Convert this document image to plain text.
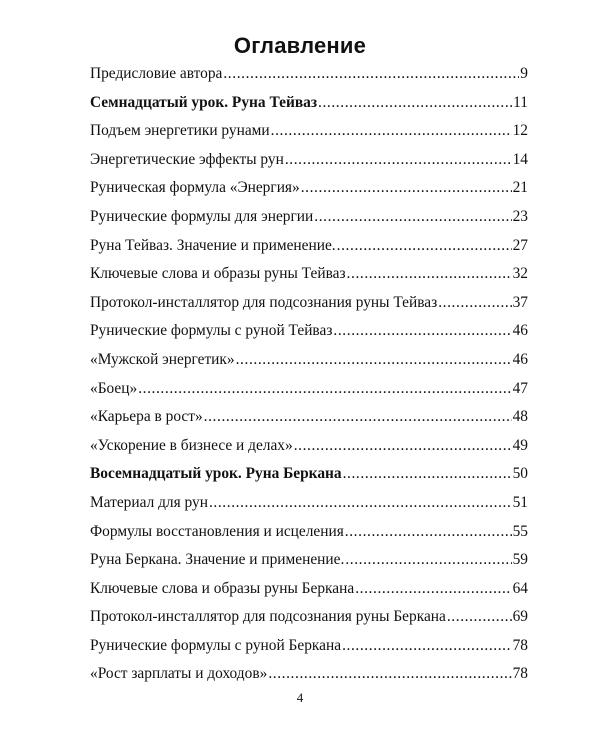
Оглавление
Предисловие автора .....	9
Семнадцатый урок. Руна Тейваз .....	11
Подъем энергетики рунами .....	12
Энергетические эффекты рун .....	14
Руническая формула «Энергия» .....	21
Рунические формулы для энергии .....	23
Руна Тейваз. Значение и применение. .....	27
Ключевые слова и образы руны Тейваз .....	32
Протокол-инсталлятор для подсознания руны Тейваз .....	37
Рунические формулы с руной Тейваз .....	46
«Мужской энергетик» .....	46
«Боец» .....	47
«Карьера в рост» .....	48
«Ускорение в бизнесе и делах» .....	49
Восемнадцатый урок. Руна Беркана .....	50
Материал для рун .....	51
Формулы восстановления и исцеления .....	55
Руна Беркана. Значение и применение. .....	59
Ключевые слова и образы руны Беркана .....	64
Протокол-инсталлятор для подсознания руны Беркана .....	69
Рунические формулы с руной Беркана .....	78
«Рост зарплаты и доходов» .....	78
4
